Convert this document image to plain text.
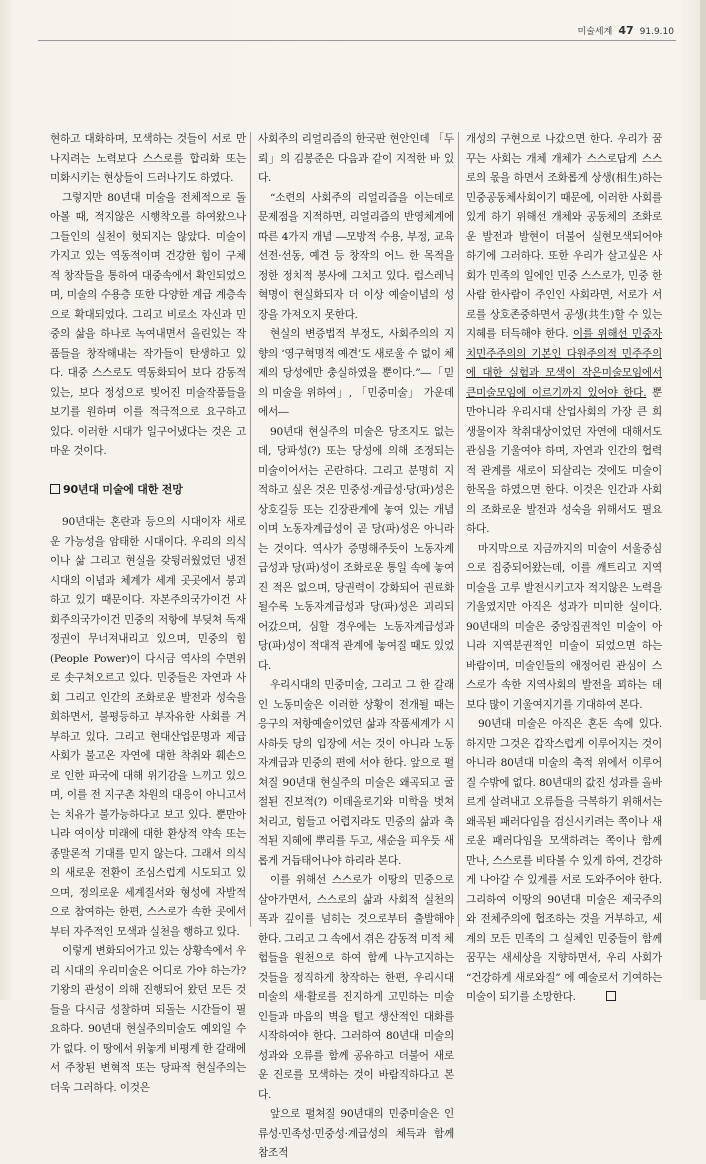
미술세계 47 91.9.10

현하고 대화하며, 모색하는 것들이 서로 만나지려는 노력보다 스스로를 합리화 또는 미화시키는 현상들이 드러나기도 하였다.

그렇지만 80년대 미술을 전체적으로 돌아볼 때, 적지않은 시행착오를 하여왔으나 그들인의 실천이 헛되지는 않았다. 미술이 가지고 있는 역동적이며 건강한 힘이 구체적 창작들을 통하여 대중속에서 확인되었으며, 미술의 수용층 또한 다양한 계급 계층속으로 확대되었다. 그리고 비로소 자신과 민중의 삶을 하나로 녹여내면서 올린있는 작품들을 창작해내는 작가들이 탄생하고 있다. 대중 스스로도 역동화되어 보다 감동적 있는, 보다 정성으로 빚어진 미술작품들을 보기를 원하며 이를 적극적으로 요구하고 있다. 이러한 시대가 일구어냈다는 것은 고마운 것이다.

90년대 미술에 대한 전망

90년대는 혼란과 등으의 시대이자 새로운 가능성을 암태한 시대이다. 우리의 의식이나 삶 그리고 현실을 갖뒹러웠었던 냉전시대의 이념과 체계가 세계 곳곳에서 붕괴하고 있기 때문이다. 자본주의국가이건 사회주의국가이건 민중의 저항에 부딪쳐 독재정권이 무너져내리고 있으며, 민중의 힘(People Power)이 다시금 역사의 수면위로 솟구쳐오르고 있다. 민중들은 자연과 사회 그리고 인간의 조화로운 발전과 성숙을 희하면서, 불평등하고 부자유한 사회를 거부하고 있다. 그리고 현대산업문명과 제급사회가 불고온 자연에 대한 착취와 훼손으로 인한 파국에 대해 위기감을 느끼고 있으며, 이를 전 지구촌 차원의 대응이 아니고서는 치유가 불가능하다고 보고 있다. 뿐만아니라 여이상 미래에 대한 환상적 약속 또는 종말론적 기대를 믿지 않는다. 그래서 의식의 새로운 전환이 조심스럽게 시도되고 있으며, 정의로운 세계질서와 형성에 자발적으로 참여하는 한편, 스스로가 속한 곳에서부터 자주적인 모색과 실천을 행하고 있다.

이렇게 변화되어가고 있는 상황속에서 우리 시대의 우리미술은 어디로 가야 하는가? 기왕의 관성이 의해 진행되어 왔던 모든 것들을 다시금 성찰하며 되돌는 시간들이 필요하다. 90년대 현실주의미술도 예외일 수가 없다. 이 땅에서 위놓게 비평계 한 갈래에서 주창된 변혁적 또는 당파적 현실주의는 더욱 그러하다. 이것은

사회주의 리얼리즘의 한국판 현안인데 「두뢰」의 김봉준은 다음과 같이 지적한 바 있다.

“소련의 사회주의 리얼리즘을 이는데로 문제점을 지적하면, 리얼리즘의 반영체계에 따른 4가지 개념 ―모방적 수용, 부정, 교육선전·선동, 예견 등 창작의 어느 한 목적을 정한 정치적 봉사에 그치고 있다. 럼스레닉 혁명이 현실화되자 더 이상 예술이념의 성장을 가져오지 못한다.

현실의 변증법적 부정도, 사회주의의 지향의 ‘영구혁명적 예견’도 새로울 수 없이 체제의 당성에만 충실하였을 뿐이다.”―「믿의 미술을 위하여」, 「민중미술」 가운데에서―

90년대 현실주의 미술은 당조지도 없는데, 당파성(?) 또는 당성에 의해 조정되는 미술이어서는 곤란하다. 그리고 분명히 지적하고 싶은 것은 민중성·계급성·당(파)성은 상호길등 또는 긴장관계에 놓여 있는 개념이며 노동자계급성이 곧 당(파)성은 아니라는 것이다. 역사가 증명해주듯이 노동자계급성과 당(파)성이 조화로운 통일 속에 놓여진 적은 없으며, 당권력이 강화되어 권료화될수록 노동자계급성과 당(파)성은 괴리되어갔으며, 심할 경우에는 노동자계급성과 당(파)성이 적대적 관계에 놓여질 때도 있었다.

우리시대의 민중미술, 그리고 그 한 갈래인 노동미술은 이러한 상황이 전개될 때는 응구의 저항예술이었던 삶과 작품세계가 시사하듯 당의 입장에 서는 것이 아니라 노동자계급과 민중의 편에 서야 한다. 앞으로 펼쳐질 90년대 현실주의 미술은 왜곡되고 굴절된 진보적(?) 이데올로기와 미학을 벗쳐처리고, 힘들고 어렵지라도 민중의 삶과 축적된 지혜에 뿌리를 두고, 새순을 피우듯 새롭게 거듭태어나야 하리라 본다.

이를 위해선 스스로가 이땅의 민중으로 살아가면서, 스스로의 삶과 사회적 실천의 폭과 깊이를 넘히는 것으로부터 출발해야 한다. 그리고 그 속에서 겪은 감동적 미적 체험들을 원천으로 하여 함께 나누고지하는 것들을 정직하게 창작하는 한편, 우리시대 미술의 새·활로를 진지하게 고민하는 미술인들과 마음의 벽을 털고 생산적인 대화를 시작하여야 한다. 그러하여 80년대 미술의 성과와 오류를 함께 공유하고 더불어 새로운 진로를 모색하는 것이 바람직하다고 본다.

앞으로 펼쳐질 90년대의 민중미술은 인류성·민족성·민중성·계급성의 체득과 함께 참조적

개성의 구현으로 나갔으면 한다. 우리가 꿈꾸는 사회는 개체 개체가 스스로답게 스스로의 몫을 하면서 조화롭게 상생(相生)하는 민중공동체사회이기 때문에, 이러한 사회를 있게 하기 위해선 개체와 공동체의 조화로운 발전과 발현이 더불어 실현모색되어야 하기에 그러하다. 또한 우리가 살고싶은 사회가 민족의 일에인 민중 스스로가, 민중 한사람 한사람이 주인인 사회라면, 서로가 서로를 상호존중하면서 공생(共生)할 수 있는 지혜를 터득해야 한다. 이를 위해선 민중자치민주주의의 기본인 다원주의적 민주주의에 대한 실험과 모색이 작은미술모임에서 큰미술모임에 이르기까지 있어야 한다. 뿐만아니라 우리시대 산업사회의 가장 큰 희생물이자 착취대상이었던 자연에 대해서도 관심을 기울여야 하며, 자연과 인간의 협력적 관계를 새로이 되살리는 것에도 미술이 한목을 하였으면 한다. 이것은 인간과 사회의 조화로운 발전과 성숙을 위해서도 필요하다.

마지막으로 지금까지의 미술이 서울중심으로 집중되어왔는데, 이를 깨트리고 지역미술을 고루 발전시키고자 적지않은 노력을 기울였지만 아직은 성과가 미미한 실이다. 90년대의 미술은 중앙집권적인 미술이 아니라 지역분권적인 미술이 되었으면 하는 바람이며, 미술인들의 애정어린 관심이 스스로가 속한 지역사회의 발전을 꾀하는 데 보다 많이 기울여지기를 기대하여 본다.

90년대 미술은 아직은 혼돈 속에 있다. 하지만 그것은 갑작스럽게 이루어지는 것이 아니라 80년대 미술의 축적 위에서 이루어질 수밖에 없다. 80년대의 값진 성과를 올바르게 살려내고 오류들을 극복하기 위해서는 왜곡된 패러다임을 검신시키려는 쪽이나 새로운 패러다임을 모색하려는 쪽이나 함께 만나, 스스로를 비타볼 수 있게 하여, 건강하게 나아갈 수 있게를 서로 도와주어야 한다. 그리하여 이땅의 90년대 미술은 제국주의와 전체주의에 협조하는 것을 거부하고, 세계의 모든 민족의 그 실체인 민중들이 함께 꿈꾸는 새세상을 지향하면서, 우리 사회가 “건강하게 새로와질” 에 예술로서 기여하는 미술이 되기를 소망한다.
